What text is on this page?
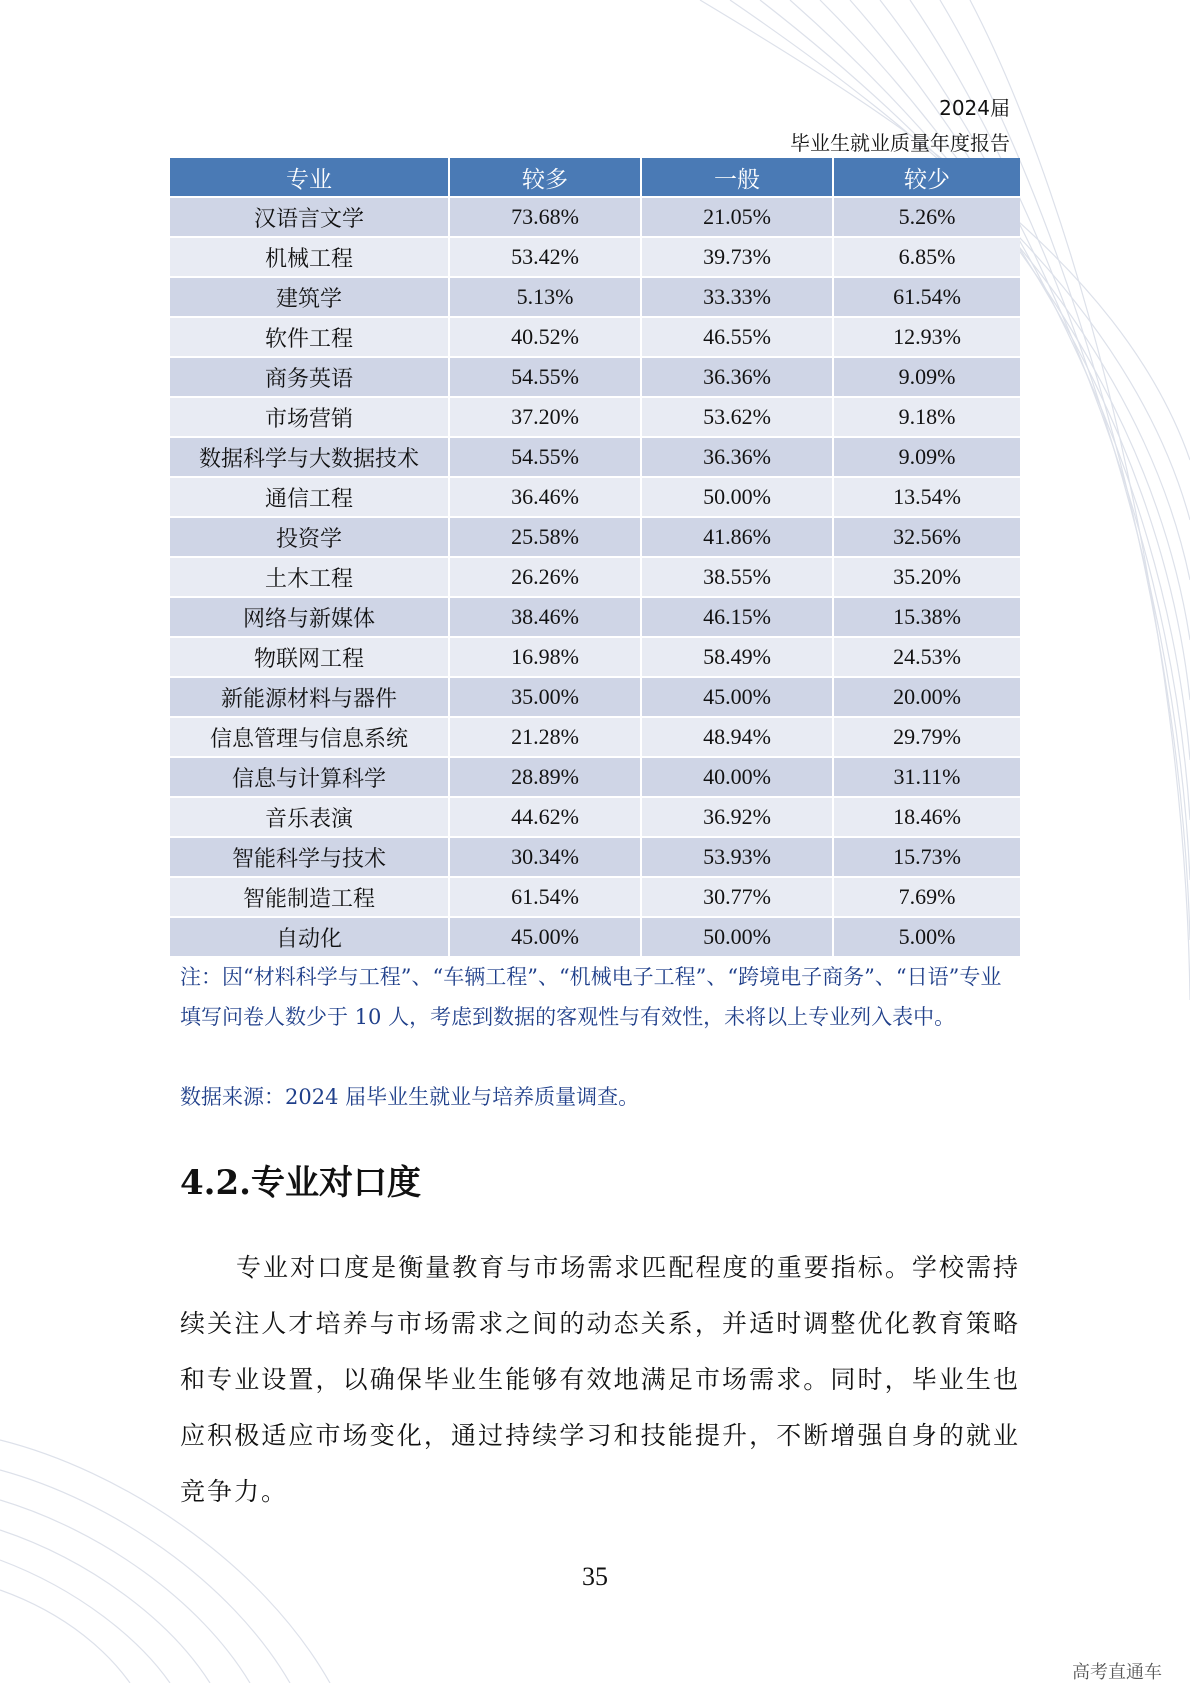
2024届
毕业生就业质量年度报告
专业	较多	一般	较少
汉语言文学	73.68%	21.05%	5.26%
机械工程	53.42%	39.73%	6.85%
建筑学	5.13%	33.33%	61.54%
软件工程	40.52%	46.55%	12.93%
商务英语	54.55%	36.36%	9.09%
市场营销	37.20%	53.62%	9.18%
数据科学与大数据技术	54.55%	36.36%	9.09%
通信工程	36.46%	50.00%	13.54%
投资学	25.58%	41.86%	32.56%
土木工程	26.26%	38.55%	35.20%
网络与新媒体	38.46%	46.15%	15.38%
物联网工程	16.98%	58.49%	24.53%
新能源材料与器件	35.00%	45.00%	20.00%
信息管理与信息系统	21.28%	48.94%	29.79%
信息与计算科学	28.89%	40.00%	31.11%
音乐表演	44.62%	36.92%	18.46%
智能科学与技术	30.34%	53.93%	15.73%
智能制造工程	61.54%	30.77%	7.69%
自动化	45.00%	50.00%	5.00%
注：因“材料科学与工程”、“车辆工程”、“机械电子工程”、“跨境电子商务”、“日语”专业填写问卷人数少于 10 人，考虑到数据的客观性与有效性，未将以上专业列入表中。
数据来源：2024 届毕业生就业与培养质量调查。
4.2.专业对口度
专业对口度是衡量教育与市场需求匹配程度的重要指标。学校需持续关注人才培养与市场需求之间的动态关系，并适时调整优化教育策略和专业设置，以确保毕业生能够有效地满足市场需求。同时，毕业生也应积极适应市场变化，通过持续学习和技能提升，不断增强自身的就业竞争力。
35
高考直通车
